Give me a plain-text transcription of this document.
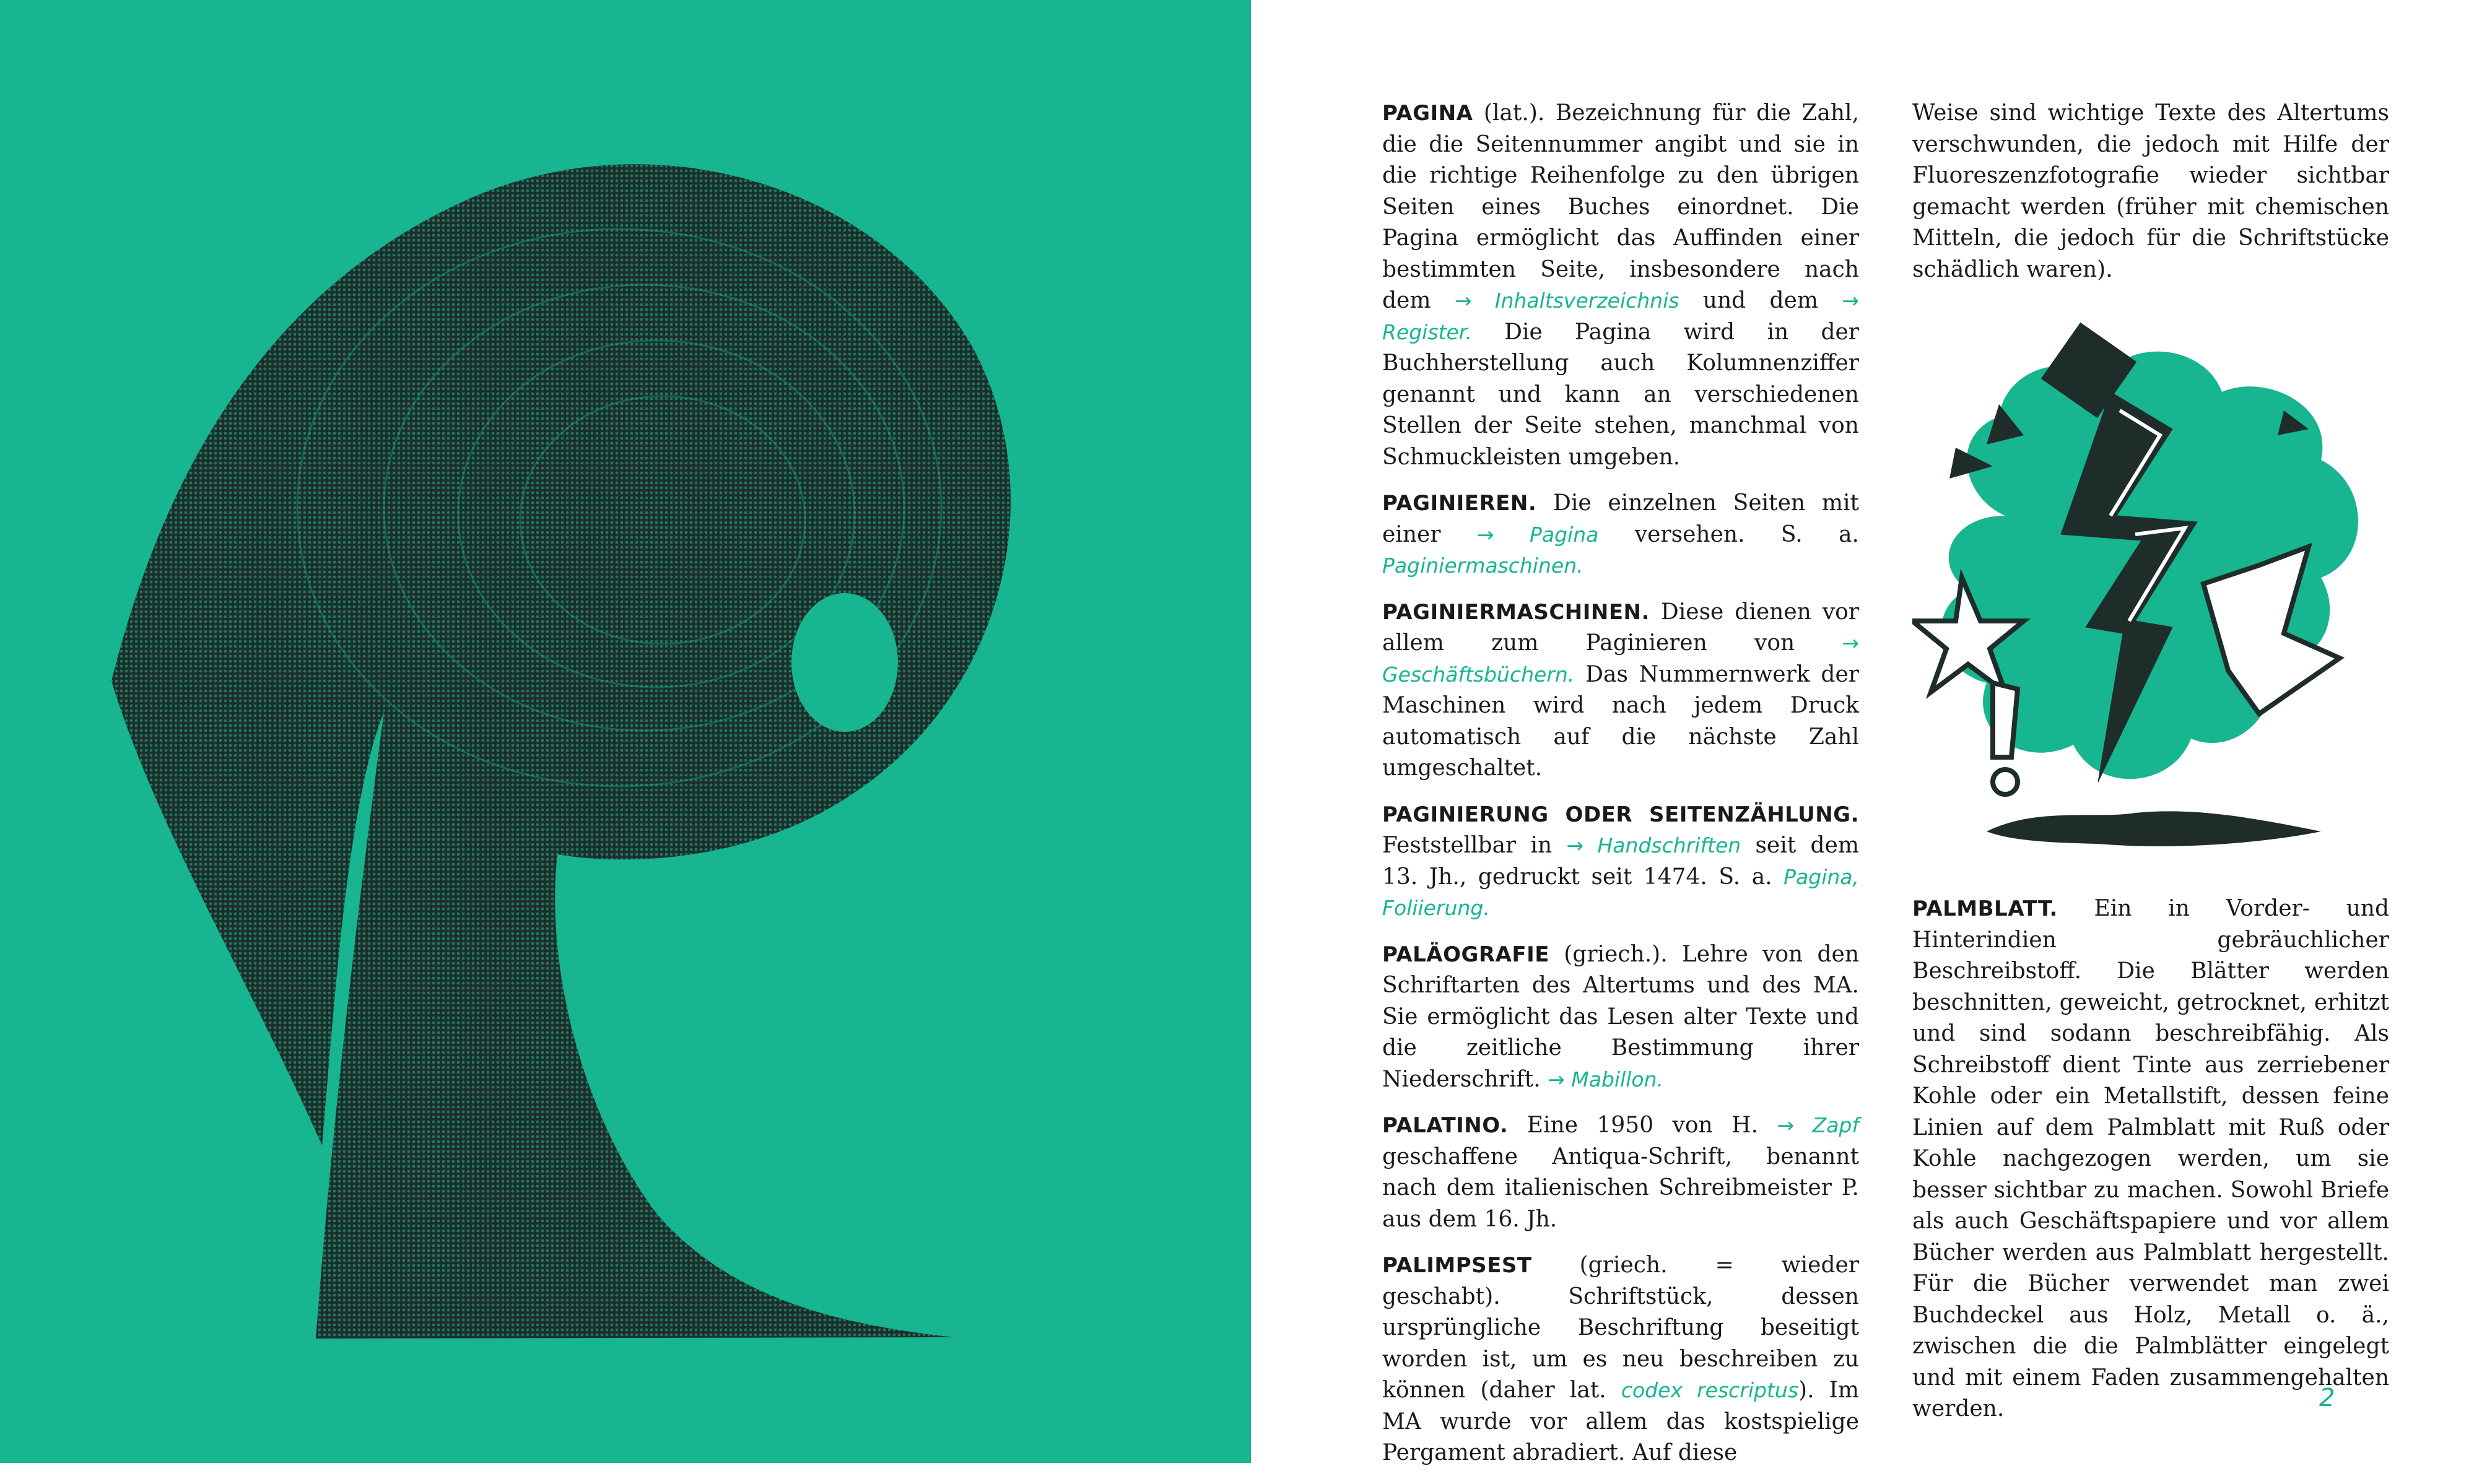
PAGINA (lat.). Bezeichnung für die Zahl, die die Seitennummer angibt und sie in die richtige Reihenfolge zu den übrigen Seiten eines Buches einordnet. Die Pagina ermöglicht das Auffinden einer bestimmten Seite, insbesondere nach dem → Inhaltsverzeichnis und dem → Register. Die Pagina wird in der Buchherstellung auch Kolumnenziffer genannt und kann an verschiedenen Stellen der Seite stehen, manchmal von Schmuckleisten umgeben.

PAGINIEREN. Die einzelnen Seiten mit einer → Pagina versehen. S. a. Paginiermaschinen.

PAGINIERMASCHINEN. Diese dienen vor allem zum Paginieren von → Geschäftsbüchern. Das Nummernwerk der Maschinen wird nach jedem Druck automatisch auf die nächste Zahl umgeschaltet.

PAGINIERUNG ODER SEITENZÄHLUNG. Feststellbar in → Handschriften seit dem 13. Jh., gedruckt seit 1474. S. a. Pagina, Foliierung.

PALÄOGRAFIE (griech.). Lehre von den Schriftarten des Altertums und des MA. Sie ermöglicht das Lesen alter Texte und die zeitliche Bestimmung ihrer Niederschrift. → Mabillon.

PALATINO. Eine 1950 von H. → Zapf geschaffene Antiqua-Schrift, benannt nach dem italienischen Schreibmeister P. aus dem 16. Jh.

PALIMPSEST (griech. = wieder geschabt). Schriftstück, dessen ursprüngliche Beschriftung beseitigt worden ist, um es neu beschreiben zu können (daher lat. codex rescriptus). Im MA wurde vor allem das kostspielige Pergament abradiert. Auf diese

Weise sind wichtige Texte des Altertums verschwunden, die jedoch mit Hilfe der Fluoreszenzfotografie wieder sichtbar gemacht werden (früher mit chemischen Mitteln, die jedoch für die Schriftstücke schädlich waren).

PALMBLATT. Ein in Vorder- und Hinterindien gebräuchlicher Beschreibstoff. Die Blätter werden beschnitten, geweicht, getrocknet, erhitzt und sind sodann beschreibfähig. Als Schreibstoff dient Tinte aus zerriebener Kohle oder ein Metallstift, dessen feine Linien auf dem Palmblatt mit Ruß oder Kohle nachgezogen werden, um sie besser sichtbar zu machen. Sowohl Briefe als auch Geschäftspapiere und vor allem Bücher werden aus Palmblatt hergestellt. Für die Bücher verwendet man zwei Buchdeckel aus Holz, Metall o. ä., zwischen die die Palmblätter eingelegt und mit einem Faden zusammengehalten werden.	2
